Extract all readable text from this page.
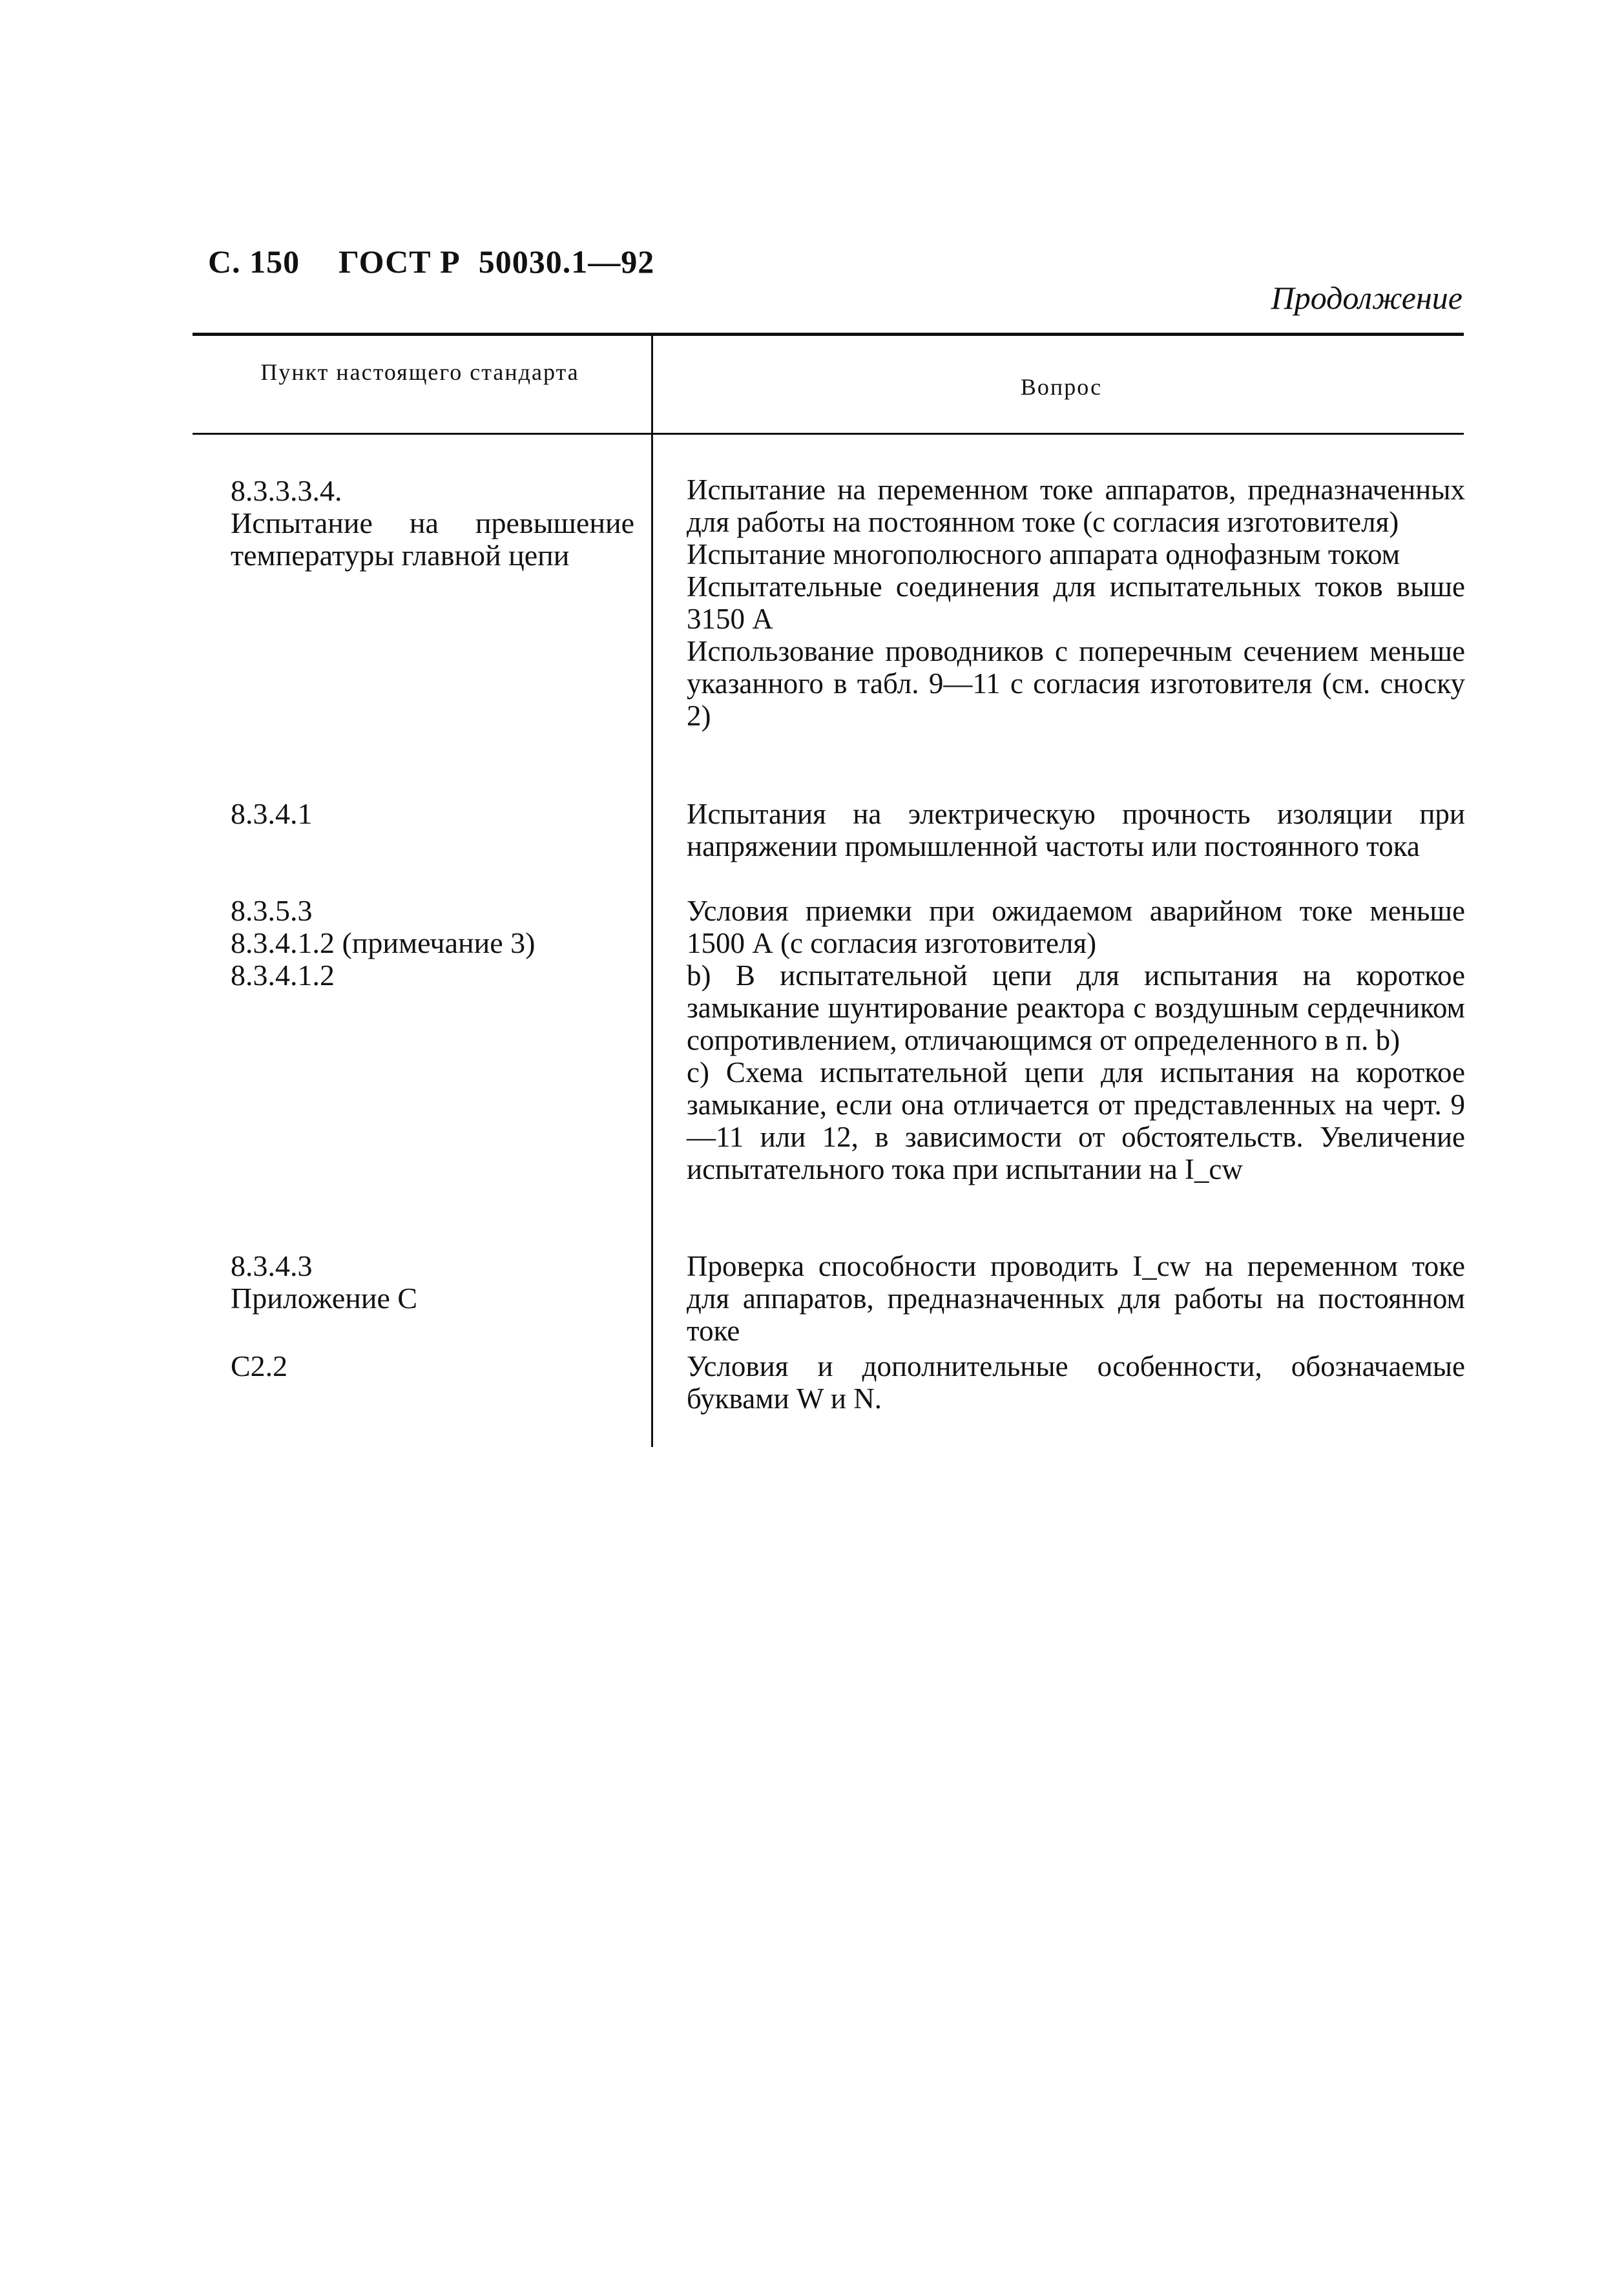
С. 150 ГОСТ Р 50030.1—92

Продолжение
Пункт настоящего стандарта
Вопрос
8.3.3.3.4.
Испытание на превышение температуры главной цепи
Испытание на переменном токе аппаратов, предназначенных для работы на постоянном токе (с согласия изготовителя)
Испытание многополюсного аппарата однофазным током
Испытательные соединения для испытательных токов выше 3150 А
Использование проводников с поперечным сечением меньше указанного в табл. 9—11 с согласия изготовителя (см. сноску 2)
8.3.4.1	Испытания на электрическую прочность изоляции при напряжении промышленной частоты или постоянного тока
8.3.5.3
8.3.4.1.2 (примечание 3)
8.3.4.1.2
Условия приемки при ожидаемом аварийном токе меньше 1500 А (с согласия изготовителя)
b) В испытательной цепи для испытания на короткое замыкание шунтирование реактора с воздушным сердечником сопротивлением, отличающимся от определенного в п. b)
с) Схема испытательной цепи для испытания на короткое замыкание, если она отличается от представленных на черт. 9—11 или 12, в зависимости от обстоятельств. Увеличение испытательного тока при испытании на I_cw
8.3.4.3
Приложение С
Проверка способности проводить I_cw на переменном токе для аппаратов, предназначенных для работы на постоянном токе
С2.2	Условия и дополнительные особенности, обозначаемые буквами W и N.
